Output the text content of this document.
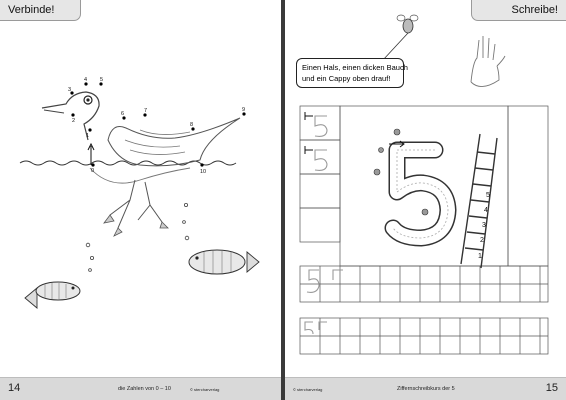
Verbinde!
0
1
2
3
4 5
6	7
8
9
10
14	die Zahlen von 0 – 10	© stercharverlag
Schreibe!
1
2
3
4
5
Einen Hals, einen dicken Bauch
und ein Cappy oben drauf!
© stercharverlag	Ziffernschreibkurs der 5	15
